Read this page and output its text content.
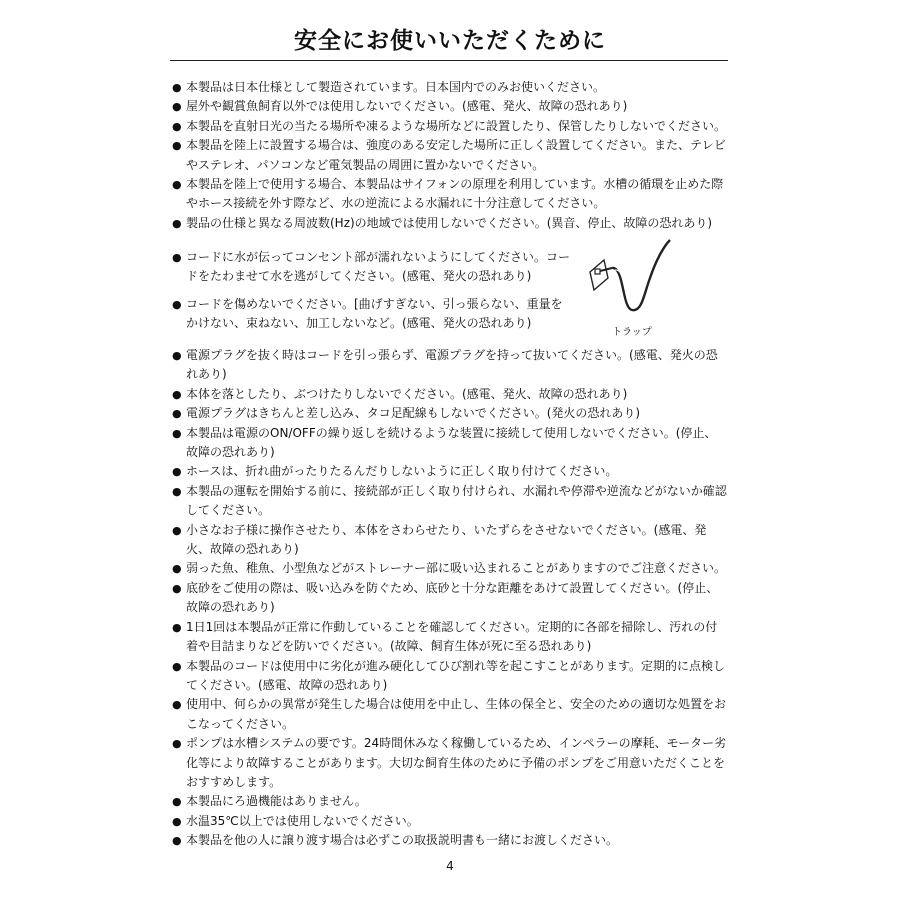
安全にお使いいただくために
● 本製品は日本仕様として製造されています。日本国内でのみお使いください。
● 屋外や観賞魚飼育以外では使用しないでください。(感電、発火、故障の恐れあり)
● 本製品を直射日光の当たる場所や凍るような場所などに設置したり、保管したりしないでください。
● 本製品を陸上に設置する場合は、強度のある安定した場所に正しく設置してください。また、テレビやステレオ、パソコンなど電気製品の周囲に置かないでください。
● 本製品を陸上で使用する場合、本製品はサイフォンの原理を利用しています。水槽の循環を止めた際やホース接続を外す際など、水の逆流による水漏れに十分注意してください。
● 製品の仕様と異なる周波数(Hz)の地域では使用しないでください。(異音、停止、故障の恐れあり)
● コードに水が伝ってコンセント部が濡れないようにしてください。コードをたわませて水を逃がしてください。(感電、発火の恐れあり)
● コードを傷めないでください。[曲げすぎない、引っ張らない、重量をかけない、束ねない、加工しないなど。(感電、発火の恐れあり)
トラップ
● 電源プラグを抜く時はコードを引っ張らず、電源プラグを持って抜いてください。(感電、発火の恐れあり)
● 本体を落としたり、ぶつけたりしないでください。(感電、発火、故障の恐れあり)
● 電源プラグはきちんと差し込み、タコ足配線もしないでください。(発火の恐れあり)
● 本製品は電源のON/OFFの繰り返しを続けるような装置に接続して使用しないでください。(停止、故障の恐れあり)
● ホースは、折れ曲がったりたるんだりしないように正しく取り付けてください。
● 本製品の運転を開始する前に、接続部が正しく取り付けられ、水漏れや停滞や逆流などがないか確認してください。
● 小さなお子様に操作させたり、本体をさわらせたり、いたずらをさせないでください。(感電、発火、故障の恐れあり)
● 弱った魚、稚魚、小型魚などがストレーナー部に吸い込まれることがありますのでご注意ください。
● 底砂をご使用の際は、吸い込みを防ぐため、底砂と十分な距離をあけて設置してください。(停止、故障の恐れあり)
● 1日1回は本製品が正常に作動していることを確認してください。定期的に各部を掃除し、汚れの付着や目詰まりなどを防いでください。(故障、飼育生体が死に至る恐れあり)
● 本製品のコードは使用中に劣化が進み硬化してひび割れ等を起こすことがあります。定期的に点検してください。(感電、故障の恐れあり)
● 使用中、何らかの異常が発生した場合は使用を中止し、生体の保全と、安全のための適切な処置をおこなってください。
● ポンプは水槽システムの要です。24時間休みなく稼働しているため、インペラーの摩耗、モーター劣化等により故障することがあります。大切な飼育生体のために予備のポンプをご用意いただくことをおすすめします。
● 本製品にろ過機能はありません。
● 水温35℃以上では使用しないでください。
● 本製品を他の人に譲り渡す場合は必ずこの取扱説明書も一緒にお渡しください。
4
